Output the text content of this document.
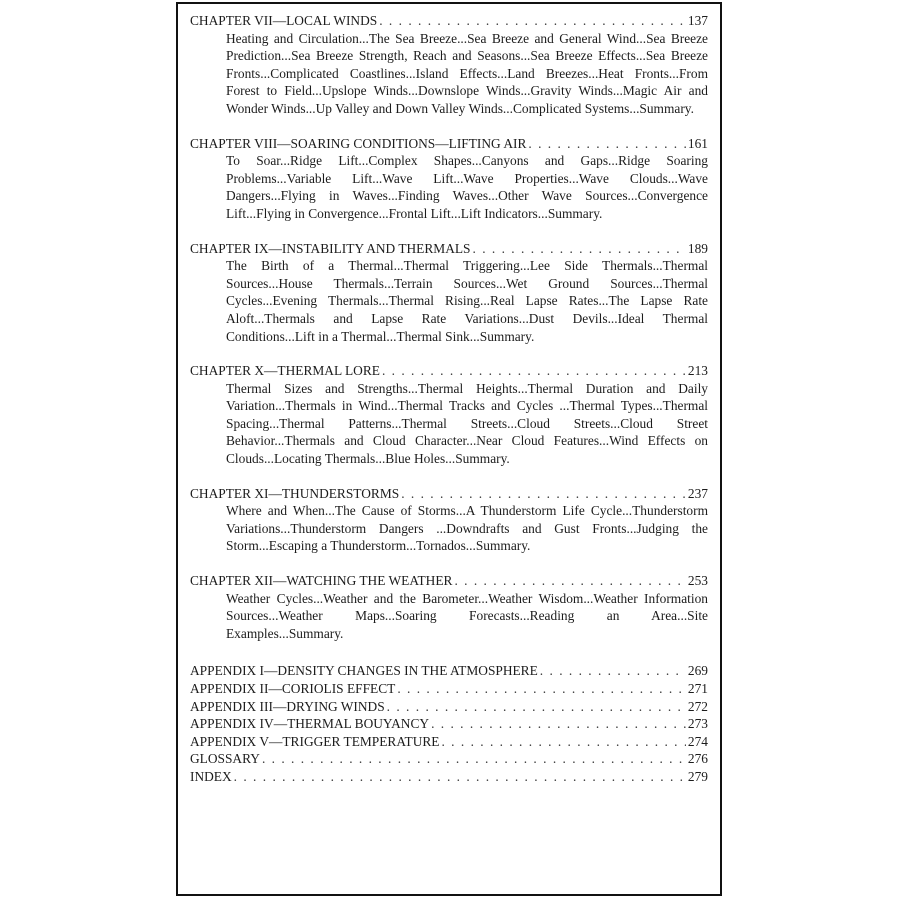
CHAPTER VII—LOCAL WINDS . . .	137

Heating and Circulation...The Sea Breeze...Sea Breeze and General Wind...Sea Breeze Prediction...Sea Breeze Strength, Reach and Seasons...Sea Breeze Effects...Sea Breeze Fronts...Complicated Coastlines...Island Effects...Land Breezes...Heat Fronts...From Forest to Field...Upslope Winds...Downslope Winds...Gravity Winds...Magic Air and Wonder Winds...Up Valley and Down Valley Winds...Complicated Systems...Summary.

CHAPTER VIII—SOARING CONDITIONS—LIFTING AIR . . .	161

To Soar...Ridge Lift...Complex Shapes...Canyons and Gaps...Ridge Soaring Problems...Variable Lift...Wave Lift...Wave Properties...Wave Clouds...Wave Dangers...Flying in Waves...Finding Waves...Other Wave Sources...Convergence Lift...Flying in Convergence...Frontal Lift...Lift Indicators...Summary.

CHAPTER IX—INSTABILITY AND THERMALS . . .	189

The Birth of a Thermal...Thermal Triggering...Lee Side Thermals...Thermal Sources...House Thermals...Terrain Sources...Wet Ground Sources...Thermal Cycles...Evening Thermals...Thermal Rising...Real Lapse Rates...The Lapse Rate Aloft...Thermals and Lapse Rate Variations...Dust Devils...Ideal Thermal Conditions...Lift in a Thermal...Thermal Sink...Summary.

CHAPTER X—THERMAL LORE . . .	213

Thermal Sizes and Strengths...Thermal Heights...Thermal Duration and Daily Variation...Thermals in Wind...Thermal Tracks and Cycles ...Thermal Types...Thermal Spacing...Thermal Patterns...Thermal Streets...Cloud Streets...Cloud Street Behavior...Thermals and Cloud Character...Near Cloud Features...Wind Effects on Clouds...Locating Thermals...Blue Holes...Summary.

CHAPTER XI—THUNDERSTORMS . . .	237

Where and When...The Cause of Storms...A Thunderstorm Life Cycle...Thunderstorm Variations...Thunderstorm Dangers ...Downdrafts and Gust Fronts...Judging the Storm...Escaping a Thunderstorm...Tornados...Summary.

CHAPTER XII—WATCHING THE WEATHER . . .	253

Weather Cycles...Weather and the Barometer...Weather Wisdom...Weather Information Sources...Weather Maps...Soaring Forecasts...Reading an Area...Site Examples...Summary.

APPENDIX I—DENSITY CHANGES IN THE ATMOSPHERE . . .	269
APPENDIX II—CORIOLIS EFFECT . . .	271
APPENDIX III—DRYING WINDS . . .	272
APPENDIX IV—THERMAL BOUYANCY . . .	273
APPENDIX V—TRIGGER TEMPERATURE . . .	274
GLOSSARY . . .	276
INDEX . . .	279
